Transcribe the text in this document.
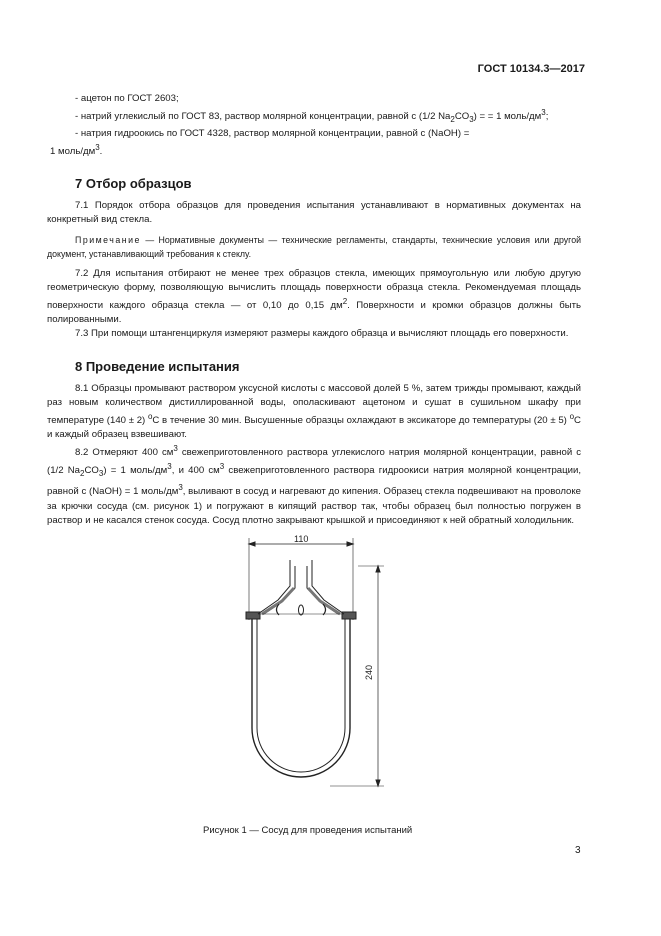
ГОСТ 10134.3—2017
- ацетон по ГОСТ 2603;
- натрий углекислый по ГОСТ 83, раствор молярной концентрации, равной c (1/2 $Na_2CO_3$) = = 1 моль/$дм^3$;
- натрия гидроокись по ГОСТ 4328, раствор молярной концентрации, равной c (NaOH) =
1 моль/$дм^3$.
7 Отбор образцов
7.1 Порядок отбора образцов для проведения испытания устанавливают в нормативных документах на конкретный вид стекла.
Примечание — Нормативные документы — технические регламенты, стандарты, технические условия или другой документ, устанавливающий требования к стеклу.
7.2 Для испытания отбирают не менее трех образцов стекла, имеющих прямоугольную или любую другую геометрическую форму, позволяющую вычислить площадь поверхности образца стекла. Рекомендуемая площадь поверхности каждого образца стекла — от 0,10 до 0,15 $дм^2$. Поверхности и кромки образцов должны быть полированными.
7.3 При помощи штангенциркуля измеряют размеры каждого образца и вычисляют площадь его поверхности.
8 Проведение испытания
8.1 Образцы промывают раствором уксусной кислоты с массовой долей 5 %, затем трижды промывают, каждый раз новым количеством дистиллированной воды, ополаскивают ацетоном и сушат в сушильном шкафу при температуре (140 ± 2) $^о$С в течение 30 мин. Высушенные образцы охлаждают в эксикаторе до температуры (20 ± 5) $^о$С и каждый образец взвешивают.
8.2 Отмеряют 400 $см^3$ свежеприготовленного раствора углекислого натрия молярной концентрации, равной c (1/2 $Na_2CO_3) = 1$ моль/$дм^3$, и 400 $см^3$ свежеприготовленного раствора гидроокиси натрия молярной концентрации, равной c (NaOH) = 1 моль/$дм^3$, выливают в сосуд и нагревают до кипения. Образец стекла подвешивают на проволоке за крючки сосуда (см. рисунок 1) и погружают в кипящий раствор так, чтобы образец был полностью погружен в раствор и не касался стенок сосуда. Сосуд плотно закрывают крышкой и присоединяют к ней обратный холодильник.
110
240
Рисунок 1 — Сосуд для проведения испытаний
3
